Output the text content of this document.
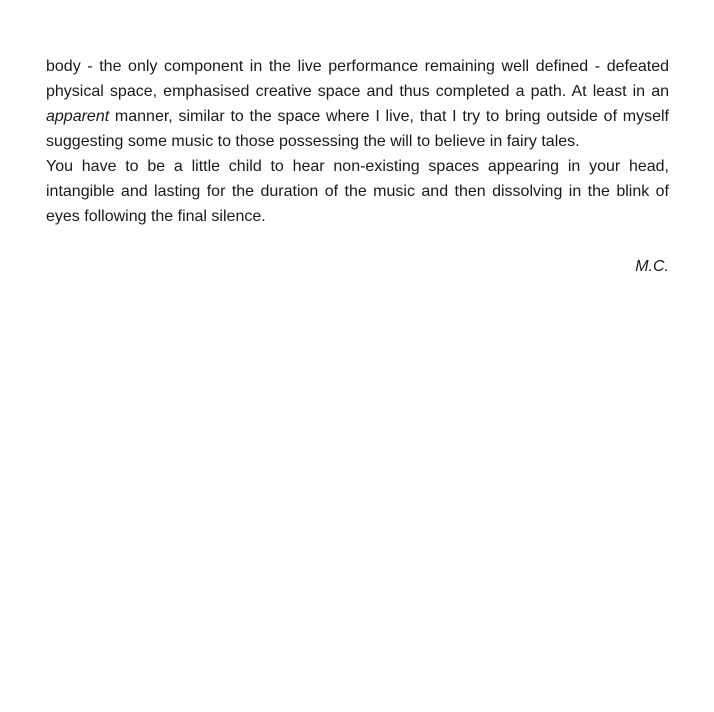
body - the only component in the live performance remaining well defined - defeated physical space, emphasised creative space and thus completed a path. At least in an apparent manner, similar to the space where I live, that I try to bring outside of myself suggesting some music to those possessing the will to believe in fairy tales.

You have to be a little child to hear non-existing spaces appearing in your head, intangible and lasting for the duration of the music and then dissolving in the blink of eyes following the final silence.

M.C.
